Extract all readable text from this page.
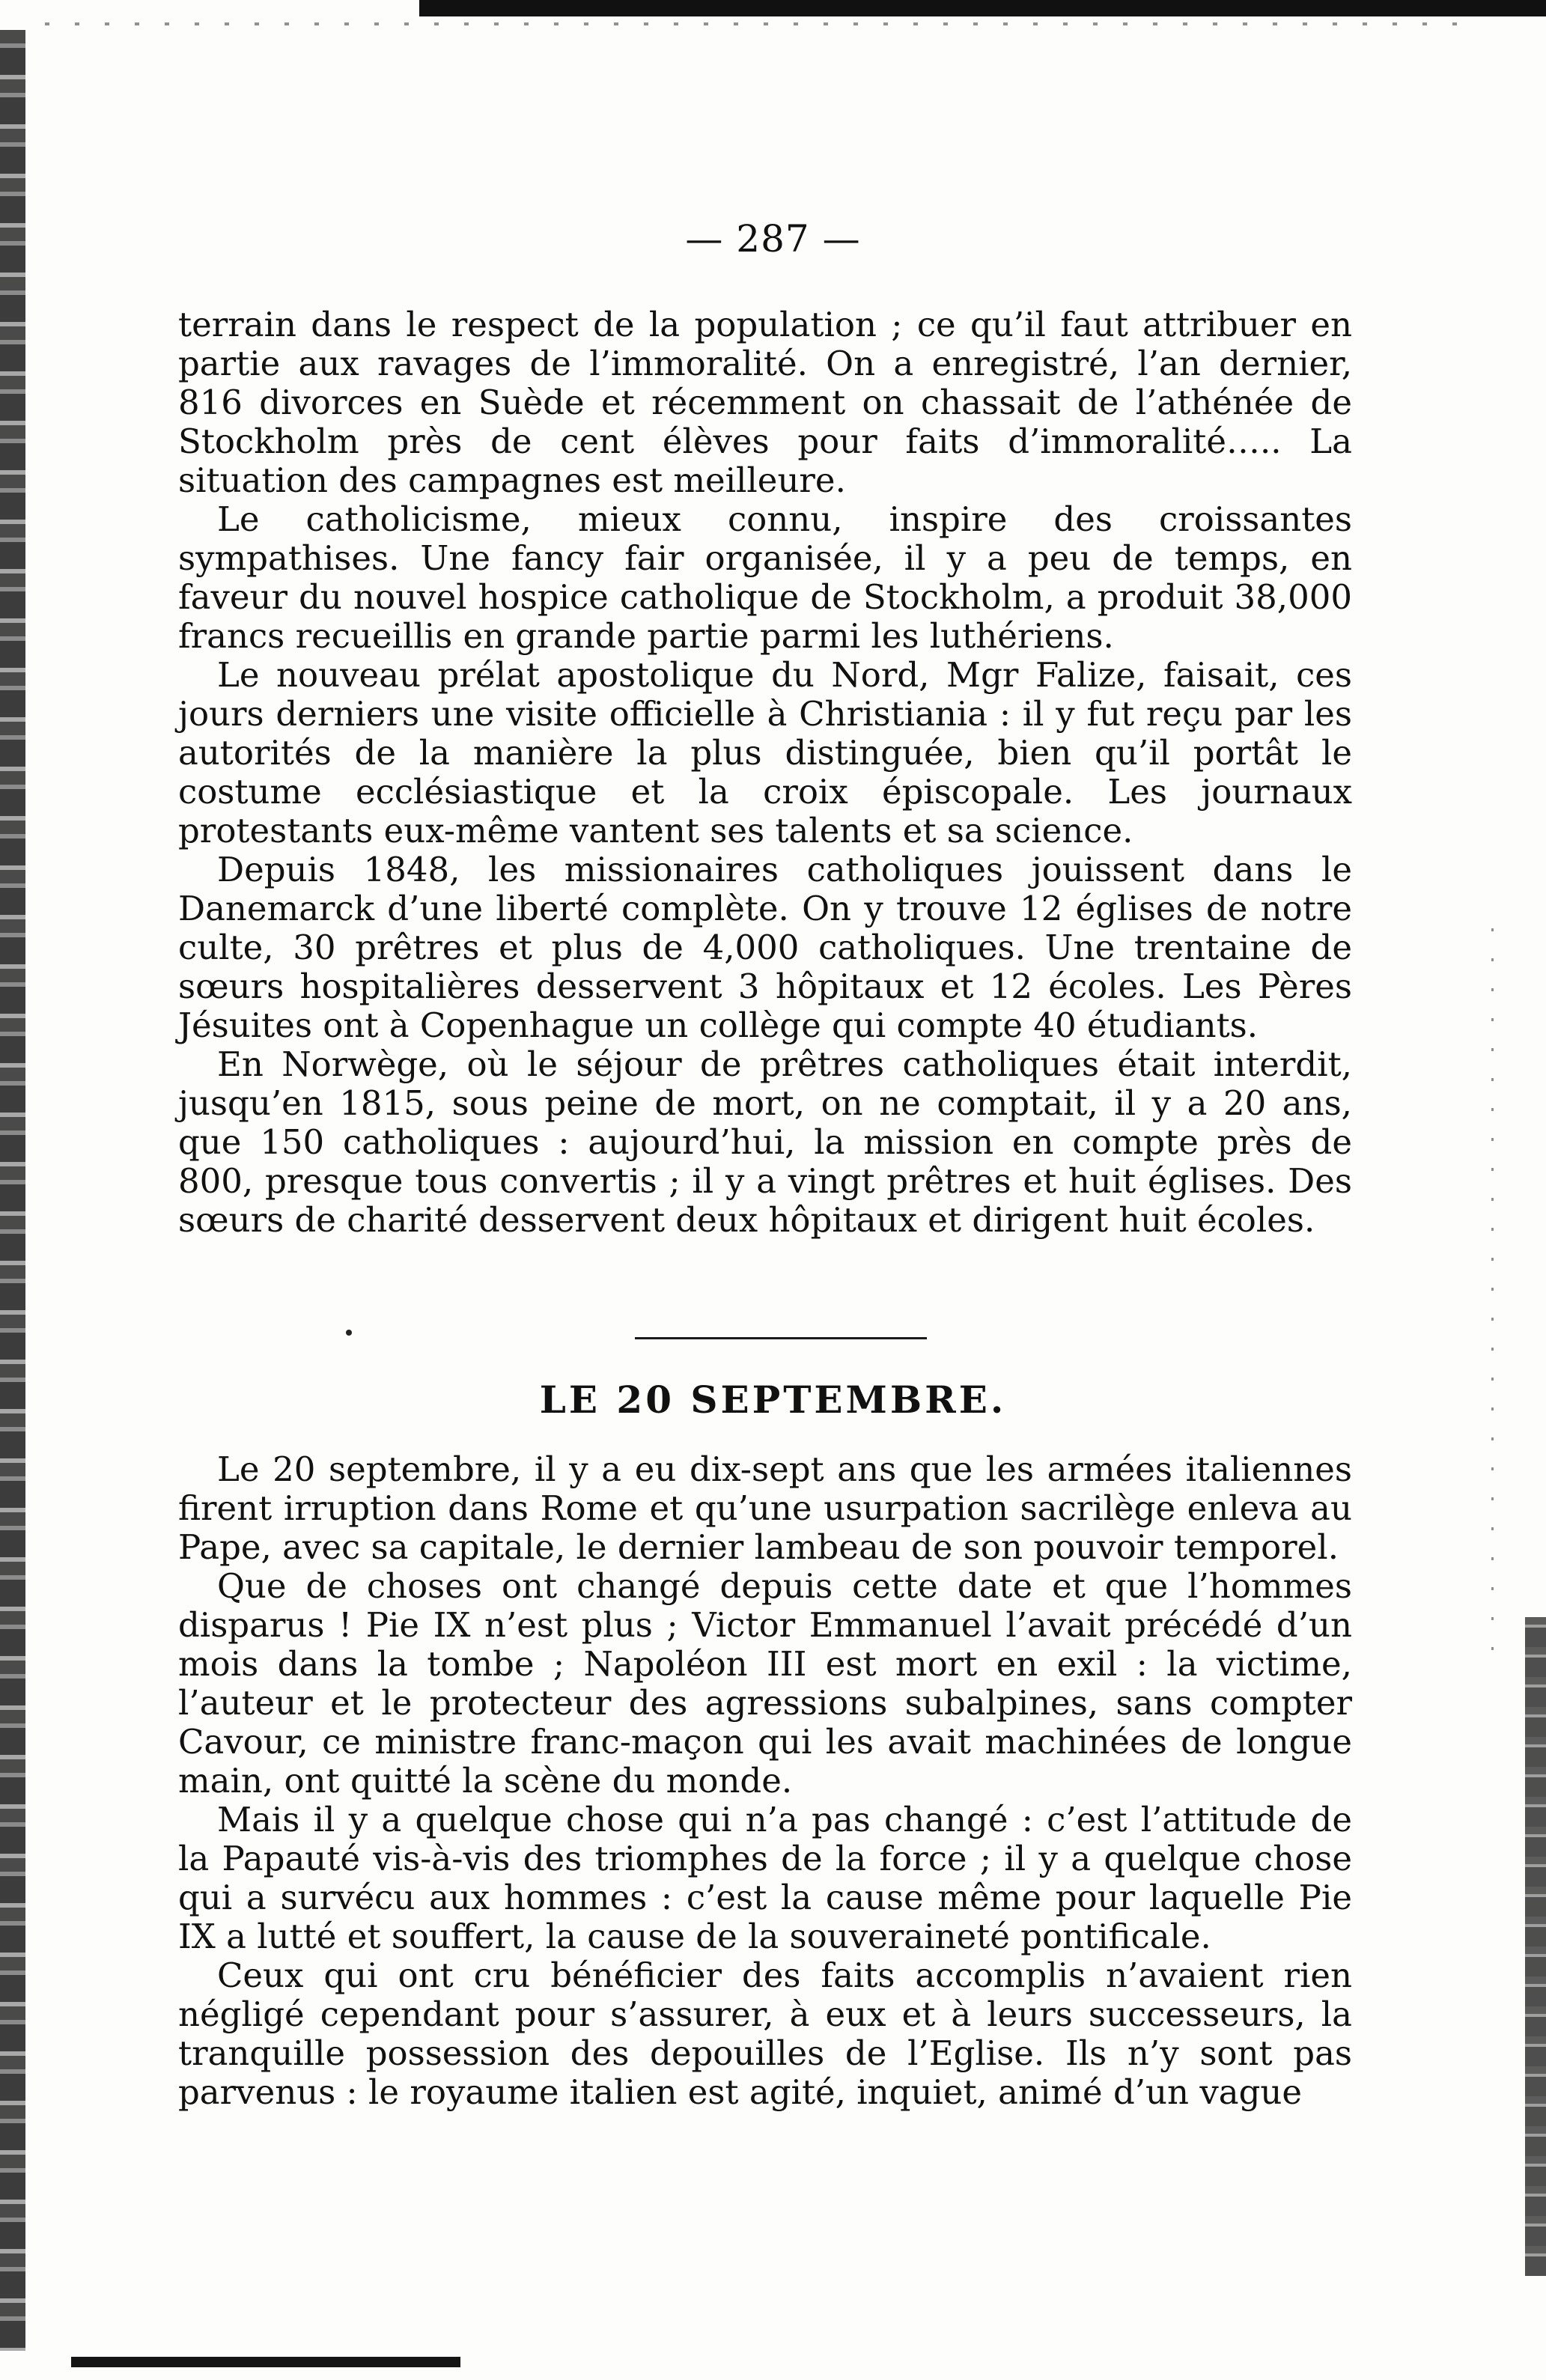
— 287 —

terrain dans le respect de la population ; ce qu’il faut attribuer en partie aux ravages de l’immoralité. On a enregistré, l’an dernier, 816 divorces en Suède et récemment on chassait de l’athénée de Stockholm près de cent élèves pour faits d’immoralité….. La situation des campagnes est meilleure.

Le catholicisme, mieux connu, inspire des croissantes sympathises. Une fancy fair organisée, il y a peu de temps, en faveur du nouvel hospice catholique de Stockholm, a produit 38,000 francs recueillis en grande partie parmi les luthériens.

Le nouveau prélat apostolique du Nord, Mgr Falize, faisait, ces jours derniers une visite officielle à Christiania : il y fut reçu par les autorités de la manière la plus distinguée, bien qu’il portât le costume ecclésiastique et la croix épiscopale. Les journaux protestants eux-même vantent ses talents et sa science.

Depuis 1848, les missionaires catholiques jouissent dans le Danemarck d’une liberté complète. On y trouve 12 églises de notre culte, 30 prêtres et plus de 4,000 catholiques. Une trentaine de sœurs hospitalières desservent 3 hôpitaux et 12 écoles. Les Pères Jésuites ont à Copenhague un collège qui compte 40 étudiants.

En Norwège, où le séjour de prêtres catholiques était interdit, jusqu’en 1815, sous peine de mort, on ne comptait, il y a 20 ans, que 150 catholiques : aujourd’hui, la mission en compte près de 800, presque tous convertis ; il y a vingt prêtres et huit églises. Des sœurs de charité desservent deux hôpitaux et dirigent huit écoles.

LE 20 SEPTEMBRE.

Le 20 septembre, il y a eu dix-sept ans que les armées italiennes firent irruption dans Rome et qu’une usurpation sacrilège enleva au Pape, avec sa capitale, le dernier lambeau de son pouvoir temporel.

Que de choses ont changé depuis cette date et que l’hommes disparus ! Pie IX n’est plus ; Victor Emmanuel l’avait précédé d’un mois dans la tombe ; Napoléon III est mort en exil : la victime, l’auteur et le protecteur des agressions subalpines, sans compter Cavour, ce ministre franc-maçon qui les avait machinées de longue main, ont quitté la scène du monde.

Mais il y a quelque chose qui n’a pas changé : c’est l’attitude de la Papauté vis-à-vis des triomphes de la force ; il y a quelque chose qui a survécu aux hommes : c’est la cause même pour laquelle Pie IX a lutté et souffert, la cause de la souveraineté pontificale.

Ceux qui ont cru bénéficier des faits accomplis n’avaient rien négligé cependant pour s’assurer, à eux et à leurs successeurs, la tranquille possession des depouilles de l’Eglise. Ils n’y sont pas parvenus : le royaume italien est agité, inquiet, animé d’un vague
